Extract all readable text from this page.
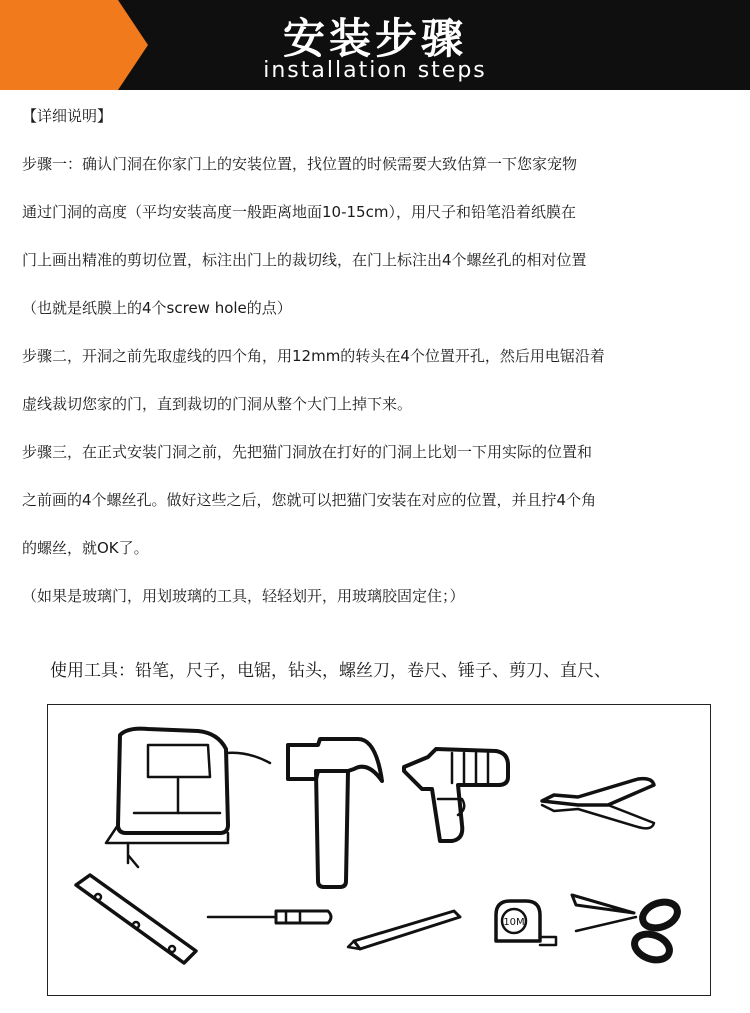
安装步骤
installation steps
【详细说明】
步骤一：确认门洞在你家门上的安装位置，找位置的时候需要大致估算一下您家宠物
通过门洞的高度（平均安装高度一般距离地面10-15cm），用尺子和铅笔沿着纸膜在
门上画出精准的剪切位置，标注出门上的裁切线，在门上标注出4个螺丝孔的相对位置
（也就是纸膜上的4个screw hole的点）
步骤二，开洞之前先取虚线的四个角，用12mm的转头在4个位置开孔，然后用电锯沿着
虚线裁切您家的门，直到裁切的门洞从整个大门上掉下来。
步骤三，在正式安装门洞之前，先把猫门洞放在打好的门洞上比划一下用实际的位置和
之前画的4个螺丝孔。做好这些之后，您就可以把猫门安装在对应的位置，并且拧4个角
的螺丝，就OK了。
（如果是玻璃门，用划玻璃的工具，轻轻划开，用玻璃胶固定住；）
使用工具：铅笔，尺子，电锯，钻头，螺丝刀，卷尺、锤子、剪刀、直尺、
10M
